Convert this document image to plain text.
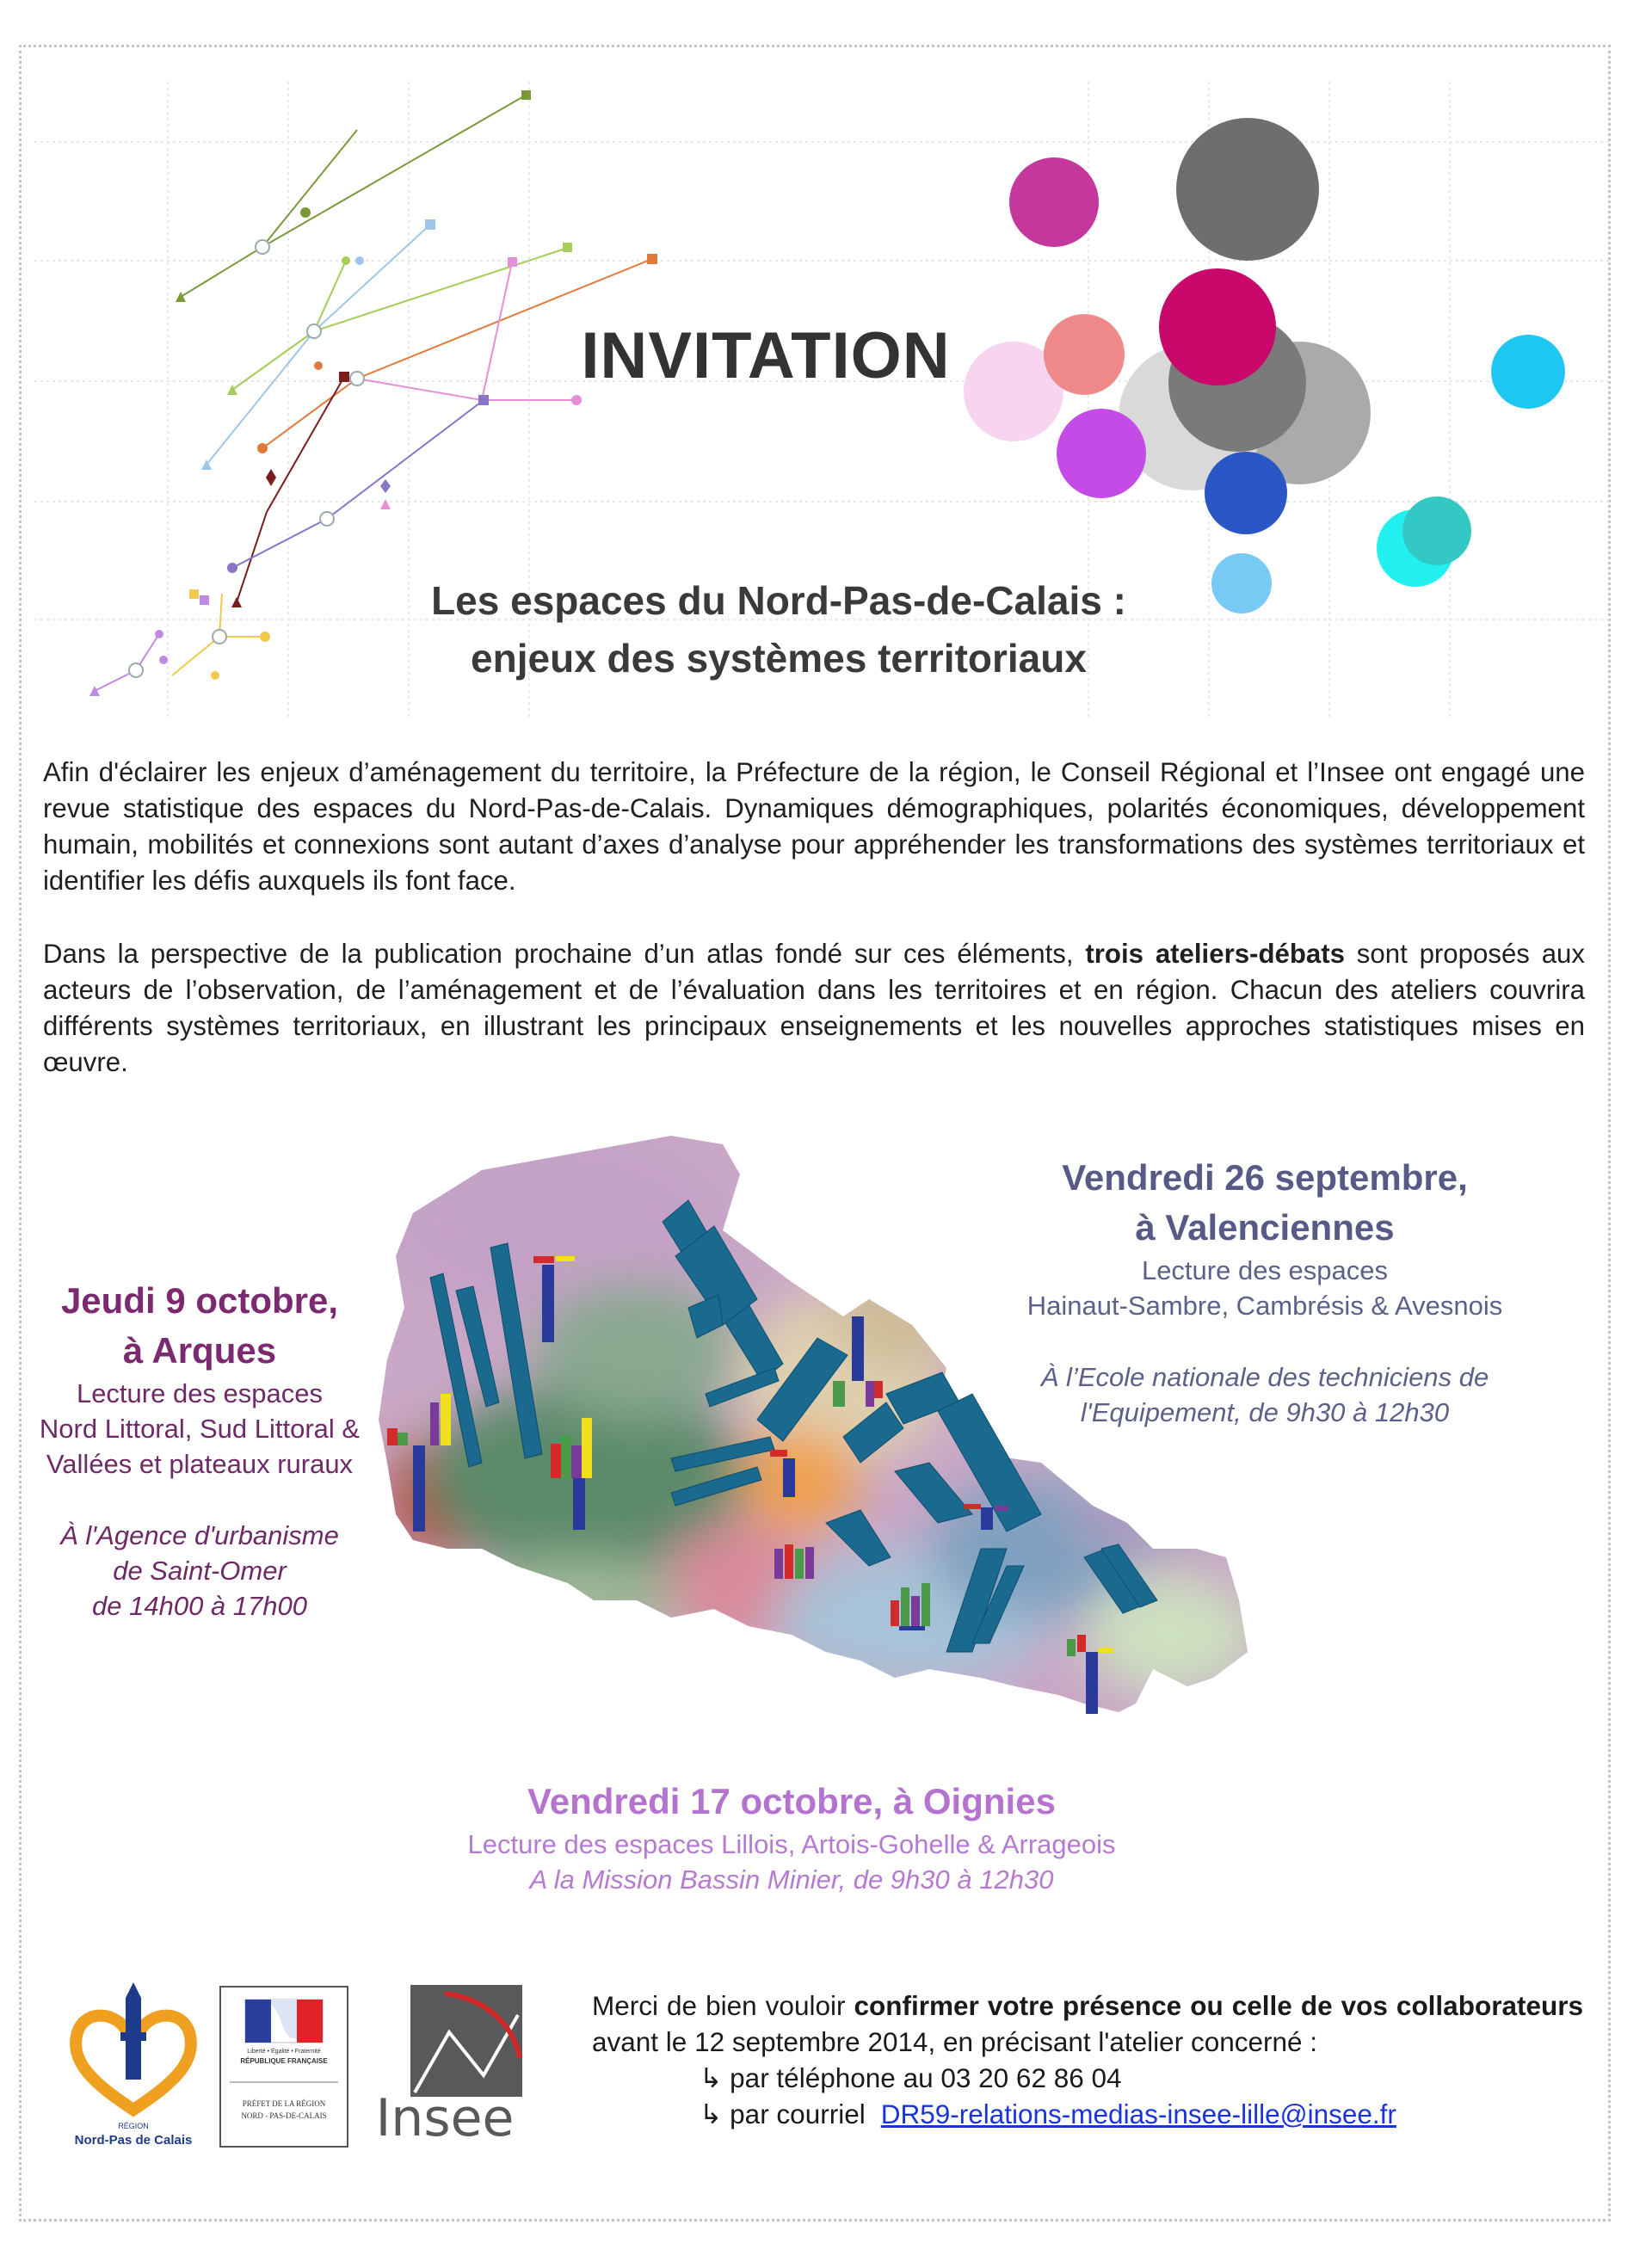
INVITATION
Les espaces du Nord-Pas-de-Calais :
enjeux des systèmes territoriaux
Afin d'éclairer les enjeux d’aménagement du territoire, la Préfecture de la région, le Conseil Régional et l’Insee ont engagé une revue statistique des espaces du Nord-Pas-de-Calais. Dynamiques démographiques, polarités économiques, développement humain, mobilités et connexions sont autant d’axes d’analyse pour appréhender les transformations des systèmes territoriaux et identifier les défis auxquels ils font face.
Dans la perspective de la publication prochaine d’un atlas fondé sur ces éléments, trois ateliers-débats sont proposés aux acteurs de l’observation, de l’aménagement et de l’évaluation dans les territoires et en région. Chacun des ateliers couvrira différents systèmes territoriaux, en illustrant les principaux enseignements et les nouvelles approches statistiques mises en œuvre.
Jeudi 9 octobre,
à Arques
Lecture des espaces
Nord Littoral, Sud Littoral &
Vallées et plateaux ruraux
À l'Agence d'urbanisme
de Saint-Omer
de 14h00 à 17h00
Vendredi 26 septembre,
à Valenciennes
Lecture des espaces
Hainaut-Sambre, Cambrésis & Avesnois
À l’Ecole nationale des techniciens de
l'Equipement, de 9h30 à 12h30
Vendredi 17 octobre, à Oignies
Lecture des espaces Lillois, Artois-Gohelle & Arrageois
A la Mission Bassin Minier, de 9h30 à 12h30
RÉGION
Nord-Pas de Calais
Liberté • Égalité • Fraternité
RÉPUBLIQUE FRANÇAISE
PRÉFET DE LA RÉGION
NORD - PAS-DE-CALAIS Insee
Merci de bien vouloir confirmer votre présence ou celle de vos collaborateurs avant le 12 septembre 2014, en précisant l'atelier concerné :
↳ par téléphone au 03 20 62 86 04
↳ par courriel DR59-relations-medias-insee-lille@insee.fr
